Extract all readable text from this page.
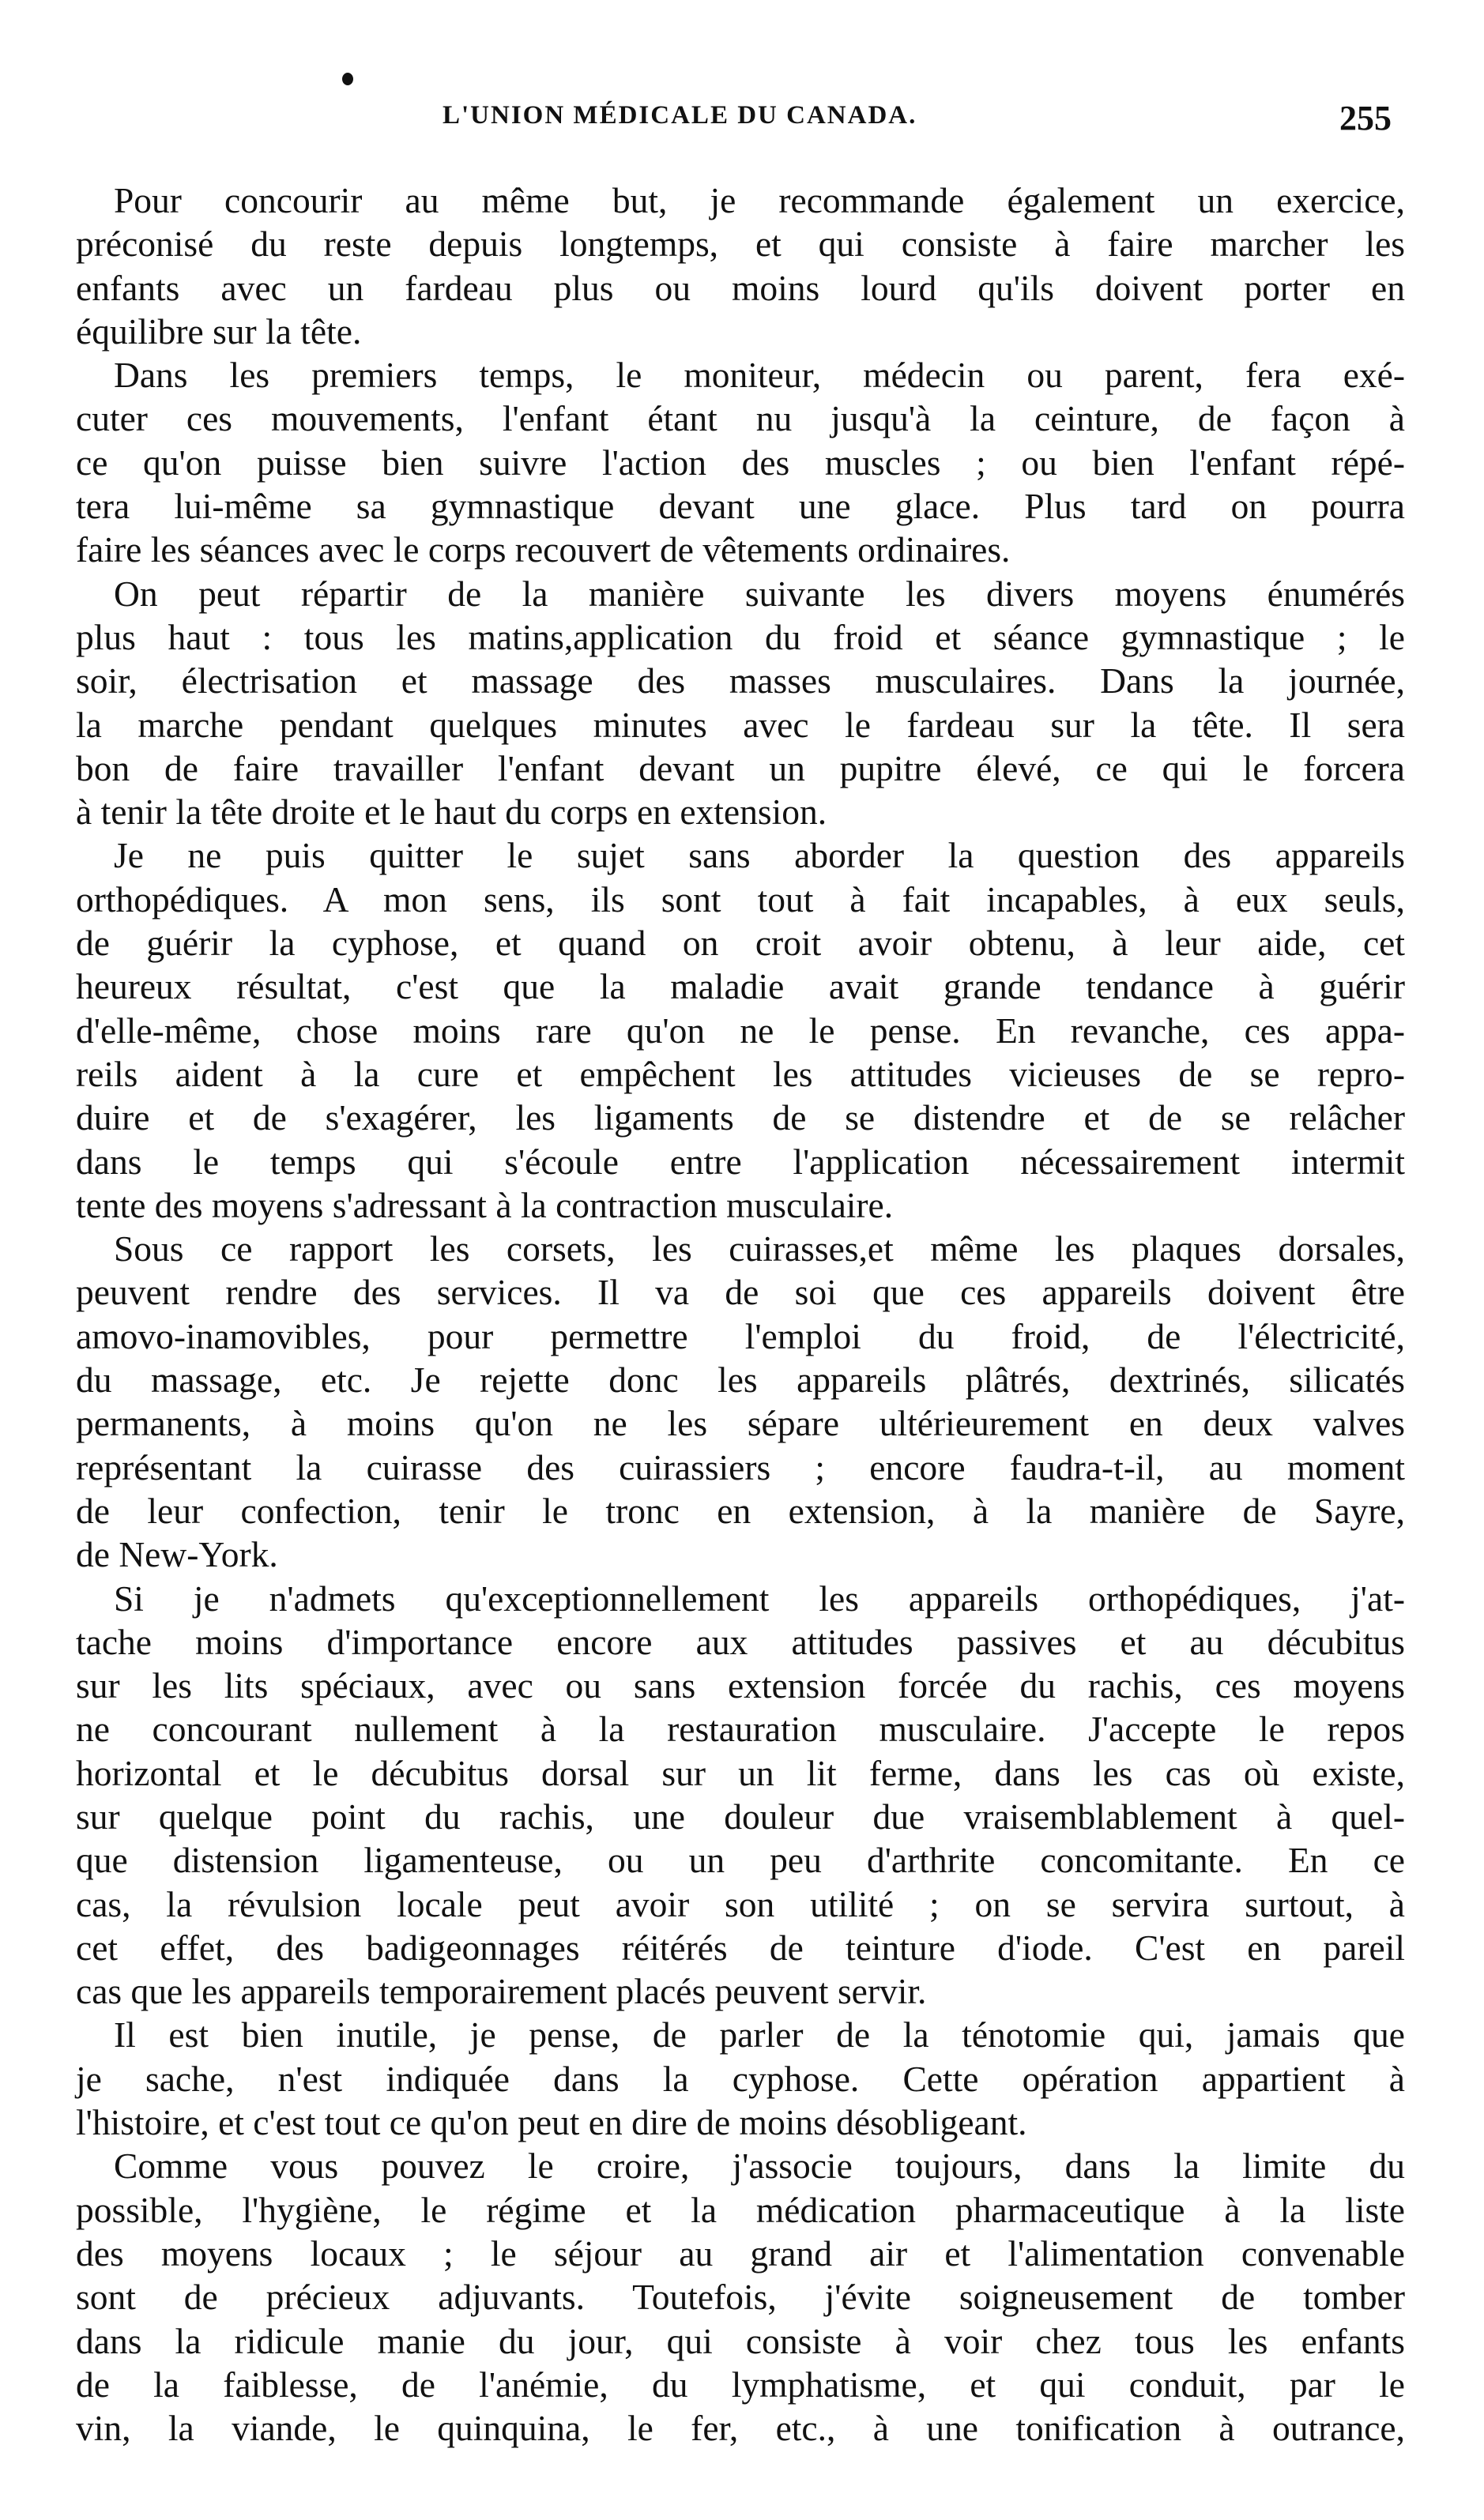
L'UNION MÉDICALE DU CANADA.	255
Pour concourir au même but, je recommande également un exercice,
préconisé du reste depuis longtemps, et qui consiste à faire marcher les
enfants avec un fardeau plus ou moins lourd qu'ils doivent porter en
équilibre sur la tête.
Dans les premiers temps, le moniteur, médecin ou parent, fera exé-
cuter ces mouvements, l'enfant étant nu jusqu'à la ceinture, de façon à
ce qu'on puisse bien suivre l'action des muscles ; ou bien l'enfant répé-
tera lui-même sa gymnastique devant une glace. Plus tard on pourra
faire les séances avec le corps recouvert de vêtements ordinaires.
On peut répartir de la manière suivante les divers moyens énumérés
plus haut : tous les matins,application du froid et séance gymnastique ; le
soir, électrisation et massage des masses musculaires. Dans la journée,
la marche pendant quelques minutes avec le fardeau sur la tête. Il sera
bon de faire travailler l'enfant devant un pupitre élevé, ce qui le forcera
à tenir la tête droite et le haut du corps en extension.
Je ne puis quitter le sujet sans aborder la question des appareils
orthopédiques. A mon sens, ils sont tout à fait incapables, à eux seuls,
de guérir la cyphose, et quand on croit avoir obtenu, à leur aide, cet
heureux résultat, c'est que la maladie avait grande tendance à guérir
d'elle-même, chose moins rare qu'on ne le pense. En revanche, ces appa-
reils aident à la cure et empêchent les attitudes vicieuses de se repro-
duire et de s'exagérer, les ligaments de se distendre et de se relâcher
dans le temps qui s'écoule entre l'application nécessairement intermit
tente des moyens s'adressant à la contraction musculaire.
Sous ce rapport les corsets, les cuirasses,et même les plaques dorsales,
peuvent rendre des services. Il va de soi que ces appareils doivent être
amovo-inamovibles, pour permettre l'emploi du froid, de l'électricité,
du massage, etc. Je rejette donc les appareils plâtrés, dextrinés, silicatés
permanents, à moins qu'on ne les sépare ultérieurement en deux valves
représentant la cuirasse des cuirassiers ; encore faudra-t-il, au moment
de leur confection, tenir le tronc en extension, à la manière de Sayre,
de New-York.
Si je n'admets qu'exceptionnellement les appareils orthopédiques, j'at-
tache moins d'importance encore aux attitudes passives et au décubitus
sur les lits spéciaux, avec ou sans extension forcée du rachis, ces moyens
ne concourant nullement à la restauration musculaire. J'accepte le repos
horizontal et le décubitus dorsal sur un lit ferme, dans les cas où existe,
sur quelque point du rachis, une douleur due vraisemblablement à quel-
que distension ligamenteuse, ou un peu d'arthrite concomitante. En ce
cas, la révulsion locale peut avoir son utilité ; on se servira surtout, à
cet effet, des badigeonnages réitérés de teinture d'iode. C'est en pareil
cas que les appareils temporairement placés peuvent servir.
Il est bien inutile, je pense, de parler de la ténotomie qui, jamais que
je sache, n'est indiquée dans la cyphose. Cette opération appartient à
l'histoire, et c'est tout ce qu'on peut en dire de moins désobligeant.
Comme vous pouvez le croire, j'associe toujours, dans la limite du
possible, l'hygiène, le régime et la médication pharmaceutique à la liste
des moyens locaux ; le séjour au grand air et l'alimentation convenable
sont de précieux adjuvants. Toutefois, j'évite soigneusement de tomber
dans la ridicule manie du jour, qui consiste à voir chez tous les enfants
de la faiblesse, de l'anémie, du lymphatisme, et qui conduit, par le
vin, la viande, le quinquina, le fer, etc., à une tonification à outrance,
